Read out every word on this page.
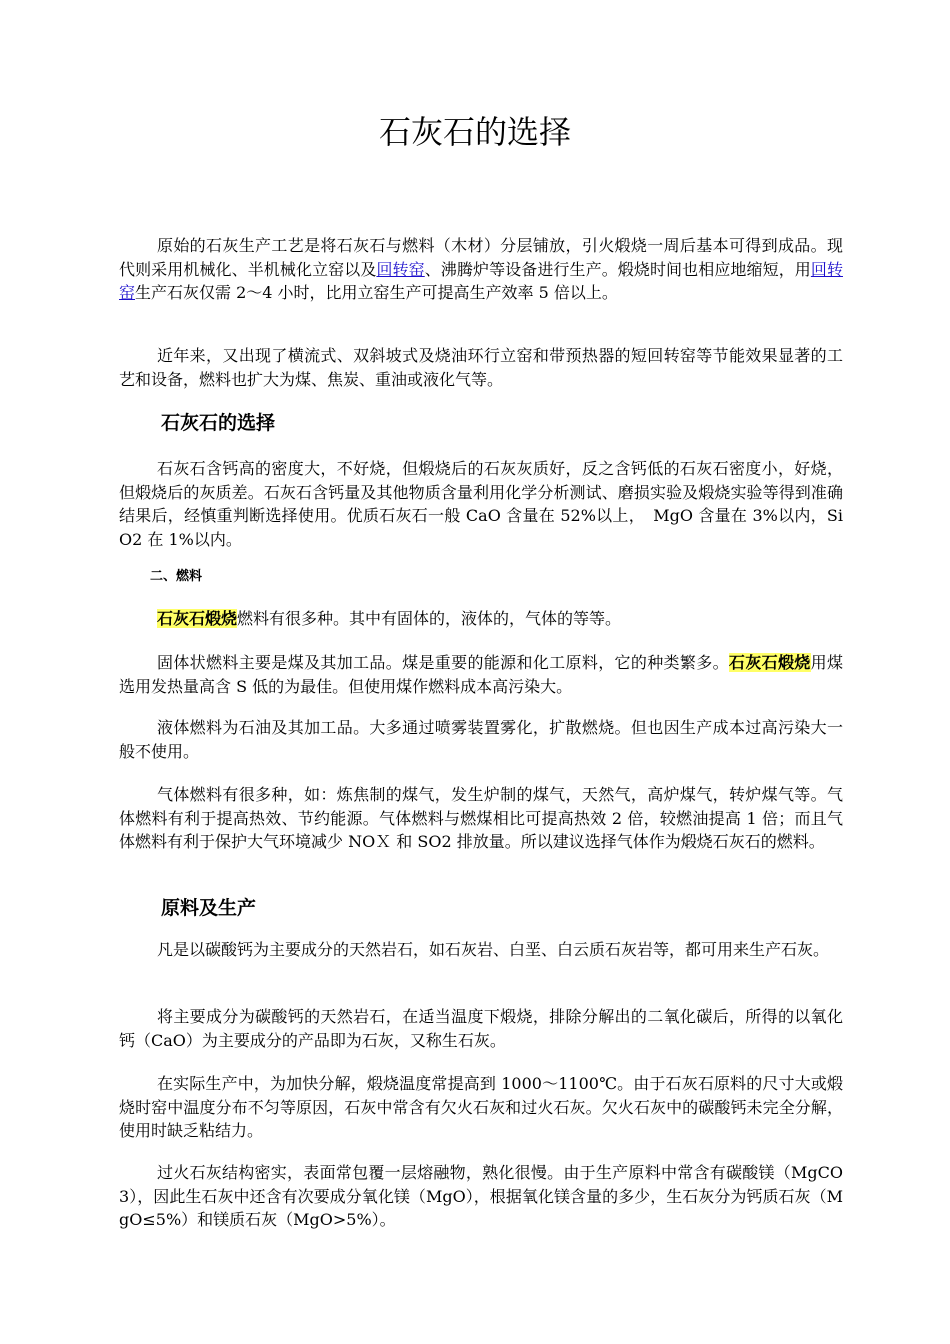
石灰石的选择

原始的石灰生产工艺是将石灰石与燃料（木材）分层铺放，引火煅烧一周后基本可得到成品。现代则采用机械化、半机械化立窑以及回转窑、沸腾炉等设备进行生产。煅烧时间也相应地缩短，用回转窑生产石灰仅需 2～4 小时，比用立窑生产可提高生产效率 5 倍以上。

近年来，又出现了横流式、双斜坡式及烧油环行立窑和带预热器的短回转窑等节能效果显著的工艺和设备，燃料也扩大为煤、焦炭、重油或液化气等。

石灰石的选择

石灰石含钙高的密度大，不好烧，但煅烧后的石灰灰质好，反之含钙低的石灰石密度小，好烧，但煅烧后的灰质差。石灰石含钙量及其他物质含量利用化学分析测试、磨损实验及煅烧实验等得到准确结果后，经慎重判断选择使用。优质石灰石一般 CaO 含量在 52%以上，　MgO 含量在 3%以内，SiO2 在 1%以内。

二、燃料

石灰石煅烧燃料有很多种。其中有固体的，液体的，气体的等等。

固体状燃料主要是煤及其加工品。煤是重要的能源和化工原料，它的种类繁多。石灰石煅烧用煤选用发热量高含 S 低的为最佳。但使用煤作燃料成本高污染大。

液体燃料为石油及其加工品。大多通过喷雾装置雾化，扩散燃烧。但也因生产成本过高污染大一般不使用。

气体燃料有很多种，如：炼焦制的煤气，发生炉制的煤气，天然气，高炉煤气，转炉煤气等。气体燃料有利于提高热效、节约能源。气体燃料与燃煤相比可提高热效 2 倍，较燃油提高 1 倍；而且气体燃料有利于保护大气环境减少 NOＸ 和 SO2 排放量。所以建议选择气体作为煅烧石灰石的燃料。

原料及生产

凡是以碳酸钙为主要成分的天然岩石，如石灰岩、白垩、白云质石灰岩等，都可用来生产石灰。

将主要成分为碳酸钙的天然岩石，在适当温度下煅烧，排除分解出的二氧化碳后，所得的以氧化钙（CaO）为主要成分的产品即为石灰，又称生石灰。

在实际生产中，为加快分解，煅烧温度常提高到 1000～1100℃。由于石灰石原料的尺寸大或煅烧时窑中温度分布不匀等原因，石灰中常含有欠火石灰和过火石灰。欠火石灰中的碳酸钙未完全分解，使用时缺乏粘结力。

过火石灰结构密实，表面常包覆一层熔融物，熟化很慢。由于生产原料中常含有碳酸镁（MgCO3），因此生石灰中还含有次要成分氧化镁（MgO），根据氧化镁含量的多少，生石灰分为钙质石灰（MgO≤5%）和镁质石灰（MgO>5%）。
